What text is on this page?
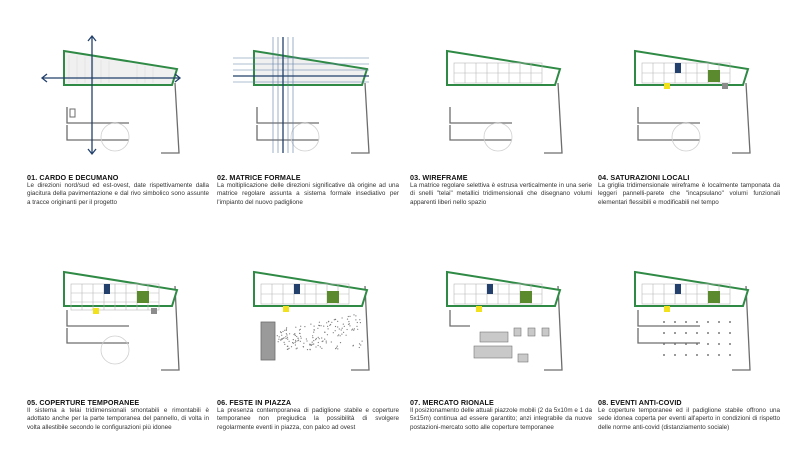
01. CARDO E DECUMANO
Le direzioni nord/sud ed est-ovest, date rispettivamente dalla giacitura della pavimentazione e dal rivo simbolico sono assunte a tracce originanti per il progetto
02. MATRICE FORMALE
La moltiplicazione delle direzioni significative dà origine ad una matrice regolare assunta a sistema formale insediativo per l'impianto del nuovo padiglione
03. WIREFRAME
La matrice regolare selettiva è estrusa verticalmente in una serie di snelli "telai" metallici tridimensionali che disegnano volumi apparenti liberi nello spazio
04. SATURAZIONI LOCALI
La griglia tridimensionale wireframe è localmente tamponata da leggeri pannelli-parete che "incapsulano" volumi funzionali elementari flessibili e modificabili nel tempo
05. COPERTURE TEMPORANEE
Il sistema a telai tridimensionali smontabili e rimontabili è adottato anche per la parte temporanea del pannello, di volta in volta allestibile secondo le configurazioni più idonee
06. FESTE IN PIAZZA
La presenza contemporanea di padiglione stabile e coperture temporanee non pregiudica la possibilità di svolgere regolarmente eventi in piazza, con palco ad ovest
07. MERCATO RIONALE
Il posizionamento delle attuali piazzole mobili (2 da 5x10m e 1 da 5x15m) continua ad essere garantito; anzi integrabile da nuove postazioni-mercato sotto alle coperture temporanee
08. EVENTI ANTI-COVID
Le coperture temporanee ed il padiglione stabile offrono una sede idonea coperta per eventi all'aperto in condizioni di rispetto delle norme anti-covid (distanziamento sociale)
